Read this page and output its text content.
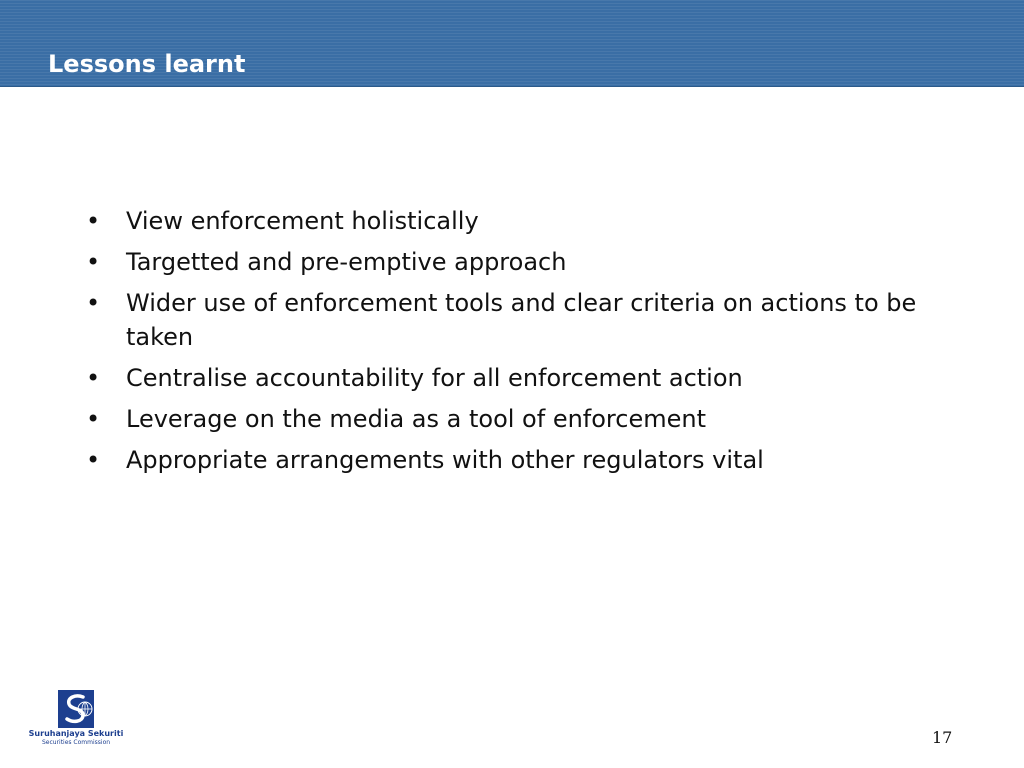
Lessons learnt
• View enforcement holistically
• Targetted and pre-emptive approach
• Wider use of enforcement tools and clear criteria on actions to be taken
• Centralise accountability for all enforcement action
• Leverage on the media as a tool of enforcement
• Appropriate arrangements with other regulators vital
Suruhanjaya Sekuriti
Securities Commission	17
